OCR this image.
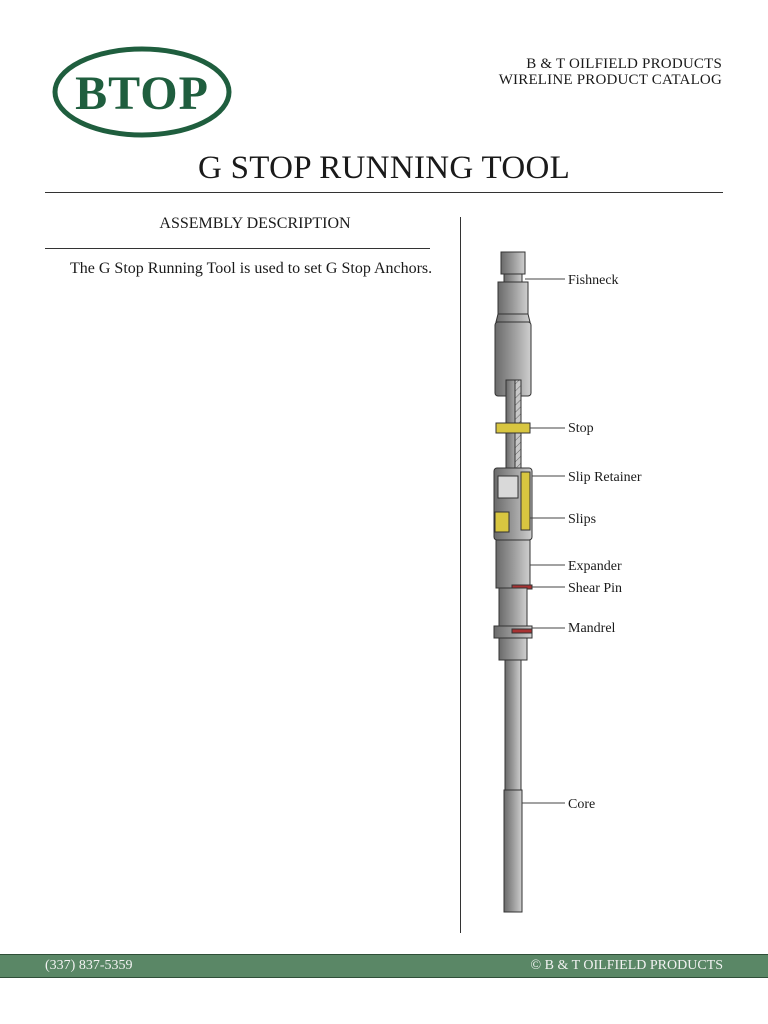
BTOP
B & T OILFIELD PRODUCTS
WIRELINE PRODUCT CATALOG
G STOP RUNNING TOOL
ASSEMBLY DESCRIPTION

The G Stop Running Tool is used to set G Stop Anchors.

Fishneck
Stop
Slip Retainer
Slips
Expander
Shear Pin
Mandrel
Core
(337) 837-5359	© B & T OILFIELD PRODUCTS
